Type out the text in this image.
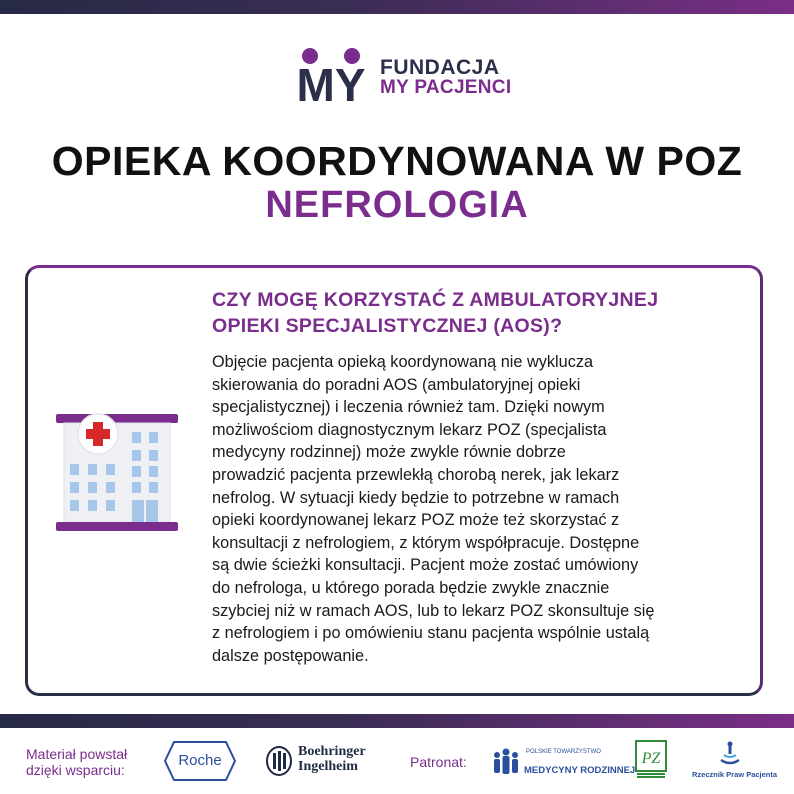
MY FUNDACJA
MY PACJENCI
OPIEKA KOORDYNOWANA W POZ
NEFROLOGIA
CZY MOGĘ KORZYSTAĆ Z AMBULATORYJNEJ
OPIEKI SPECJALISTYCZNEJ (AOS)?
Objęcie pacjenta opieką koordynowaną nie wyklucza
skierowania do poradni AOS (ambulatoryjnej opieki
specjalistycznej) i leczenia również tam. Dzięki nowym
możliwościom diagnostycznym lekarz POZ (specjalista
medycyny rodzinnej) może zwykle równie dobrze
prowadzić pacjenta przewlekłą chorobą nerek, jak lekarz
nefrolog. W sytuacji kiedy będzie to potrzebne w ramach
opieki koordynowanej lekarz POZ może też skorzystać z
konsultacji z nefrologiem, z którym współpracuje. Dostępne
są dwie ścieżki konsultacji. Pacjent może zostać umówiony
do nefrologa, u którego porada będzie zwykle znacznie
szybciej niż w ramach AOS, lub to lekarz POZ skonsultuje się
z nefrologiem i po omówieniu stanu pacjenta wspólnie ustalą
dalsze postępowanie.
Materiał powstał
dzięki wsparciu:
Roche
Boehringer
Ingelheim	Patronat:
POLSKIE TOWARZYSTWO
MEDYCYNY RODZINNEJ
PZ
Rzecznik Praw Pacjenta
